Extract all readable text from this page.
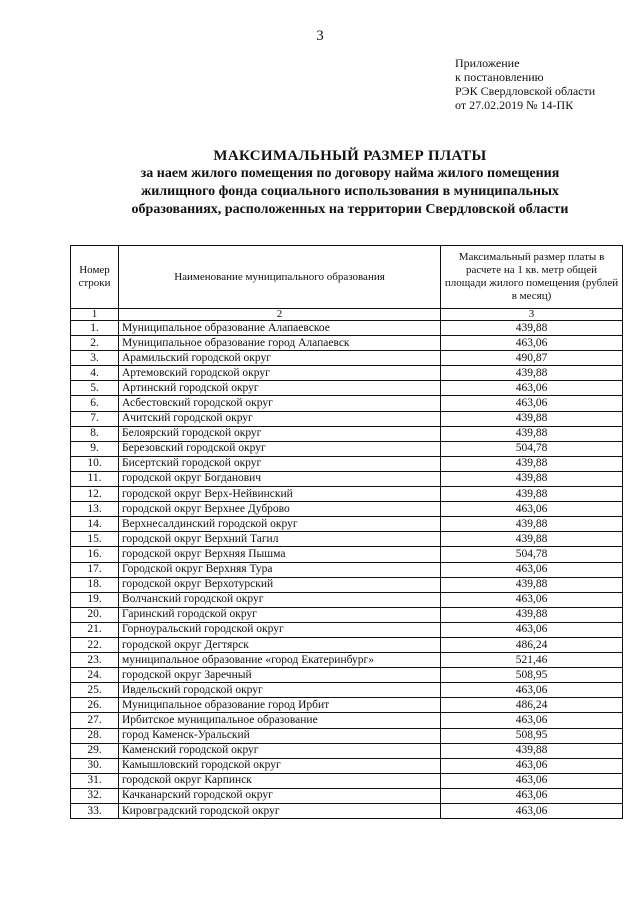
3
Приложение
к постановлению
РЭК Свердловской области
от 27.02.2019 № 14-ПК
МАКСИМАЛЬНЫЙ РАЗМЕР ПЛАТЫ
за наем жилого помещения по договору найма жилого помещения
жилищного фонда социального использования в муниципальных
образованиях, расположенных на территории Свердловской области
Номер строки	Наименование муниципального образования	Максимальный размер платы в расчете на 1 кв. метр общей площади жилого помещения (рублей в месяц)
1	2	3
1.	Муниципальное образование Алапаевское	439,88
2.	Муниципальное образование город Алапаевск	463,06
3.	Арамильский городской округ	490,87
4.	Артемовский городской округ	439,88
5.	Артинский городской округ	463,06
6.	Асбестовский городской округ	463,06
7.	Ачитский городской округ	439,88
8.	Белоярский городской округ	439,88
9.	Березовский городской округ	504,78
10.	Бисертский городской округ	439,88
11.	городской округ Богданович	439,88
12.	городской округ Верх-Нейвинский	439,88
13.	городской округ Верхнее Дуброво	463,06
14.	Верхнесалдинский городской округ	439,88
15.	городской округ Верхний Тагил	439,88
16.	городской округ Верхняя Пышма	504,78
17.	Городской округ Верхняя Тура	463,06
18.	городской округ Верхотурский	439,88
19.	Волчанский городской округ	463,06
20.	Гаринский городской округ	439,88
21.	Горноуральский городской округ	463,06
22.	городской округ Дегтярск	486,24
23.	муниципальное образование «город Екатеринбург»	521,46
24.	городской округ Заречный	508,95
25.	Ивдельский городской округ	463,06
26.	Муниципальное образование город Ирбит	486,24
27.	Ирбитское муниципальное образование	463,06
28.	город Каменск-Уральский	508,95
29.	Каменский городской округ	439,88
30.	Камышловский городской округ	463,06
31.	городской округ Карпинск	463,06
32.	Качканарский городской округ	463,06
33.	Кировградский городской округ	463,06
